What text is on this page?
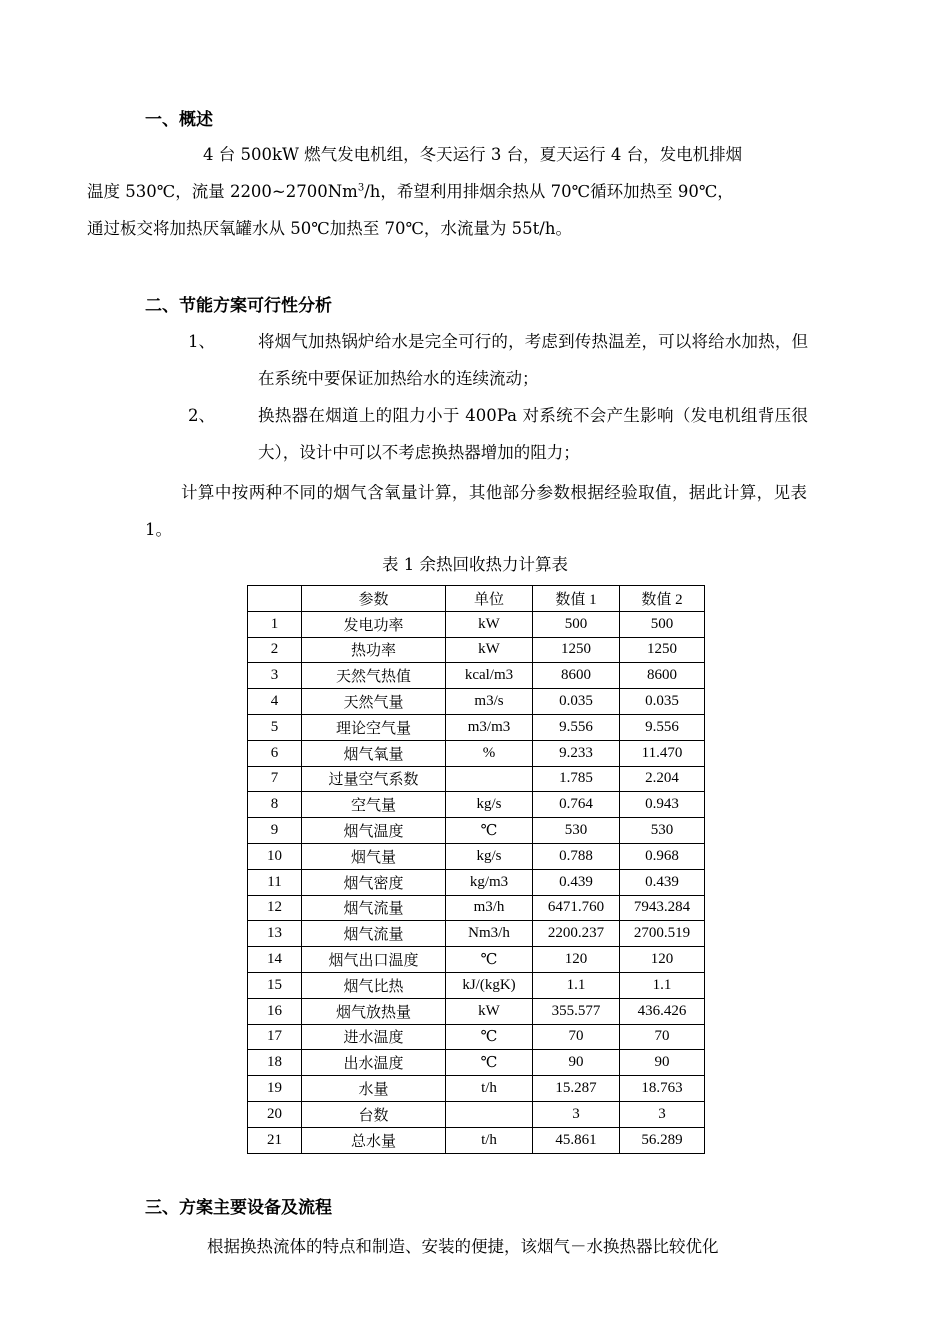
一、概述
4 台 500kW 燃气发电机组，冬天运行 3 台，夏天运行 4 台，发电机排烟
温度 530℃，流量 2200~2700Nm$^3$/h，希望利用排烟余热从 70℃循环加热至 90℃，
通过板交将加热厌氧罐水从 50℃加热至 70℃，水流量为 55t/h。
二、节能方案可行性分析
1、	将烟气加热锅炉给水是完全可行的，考虑到传热温差，可以将给水加热，但在系统中要保证加热给水的连续流动；
2、	换热器在烟道上的阻力小于 400Pa 对系统不会产生影响（发电机组背压很大），设计中可以不考虑换热器增加的阻力；
计算中按两种不同的烟气含氧量计算，其他部分参数根据经验取值，据此计算，见表 1。
表 1 余热回收热力计算表
	参数	单位	数值 1	数值 2
1	发电功率	kW	500	500
2	热功率	kW	1250	1250
3	天然气热值	kcal/m3	8600	8600
4	天然气量	m3/s	0.035	0.035
5	理论空气量	m3/m3	9.556	9.556
6	烟气氧量	%	9.233	11.470
7	过量空气系数		1.785	2.204
8	空气量	kg/s	0.764	0.943
9	烟气温度	℃	530	530
10	烟气量	kg/s	0.788	0.968
11	烟气密度	kg/m3	0.439	0.439
12	烟气流量	m3/h	6471.760	7943.284
13	烟气流量	Nm3/h	2200.237	2700.519
14	烟气出口温度	℃	120	120
15	烟气比热	kJ/(kgK)	1.1	1.1
16	烟气放热量	kW	355.577	436.426
17	进水温度	℃	70	70
18	出水温度	℃	90	90
19	水量	t/h	15.287	18.763
20	台数		3	3
21	总水量	t/h	45.861	56.289
三、方案主要设备及流程
根据换热流体的特点和制造、安装的便捷，该烟气－水换热器比较优化
